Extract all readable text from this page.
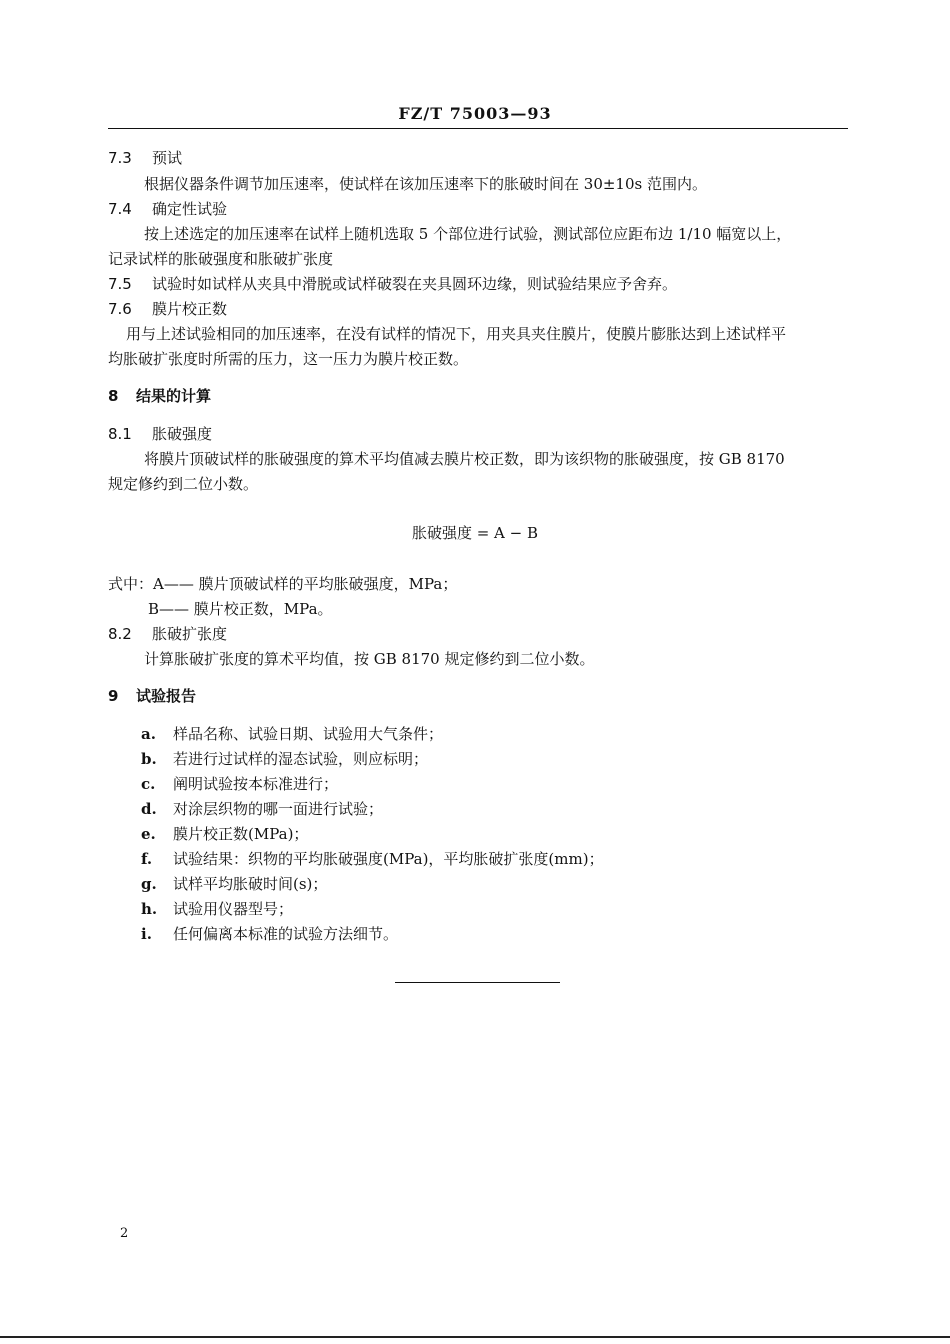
FZ/T 75003—93
7.3 预试
根据仪器条件调节加压速率，使试样在该加压速率下的胀破时间在 30±10s 范围内。
7.4 确定性试验
按上述选定的加压速率在试样上随机选取 5 个部位进行试验，测试部位应距布边 1/10 幅宽以上，
记录试样的胀破强度和胀破扩张度
7.5 试验时如试样从夹具中滑脱或试样破裂在夹具圆环边缘，则试验结果应予舍弃。
7.6 膜片校正数
用与上述试验相同的加压速率，在没有试样的情况下，用夹具夹住膜片，使膜片膨胀达到上述试样平
均胀破扩张度时所需的压力，这一压力为膜片校正数。
8 结果的计算
8.1 胀破强度
将膜片顶破试样的胀破强度的算术平均值减去膜片校正数，即为该织物的胀破强度，按 GB 8170
规定修约到二位小数。
胀破强度 = A − B
式中：A—— 膜片顶破试样的平均胀破强度，MPa；
B—— 膜片校正数，MPa。
8.2 胀破扩张度
计算胀破扩张度的算术平均值，按 GB 8170 规定修约到二位小数。
9 试验报告
a. 样品名称、试验日期、试验用大气条件；
b. 若进行过试样的湿态试验，则应标明；
c. 阐明试验按本标准进行；
d. 对涂层织物的哪一面进行试验；
e. 膜片校正数(MPa)；
f. 试验结果：织物的平均胀破强度(MPa)，平均胀破扩张度(mm)；
g. 试样平均胀破时间(s)；
h. 试验用仪器型号；
i. 任何偏离本标准的试验方法细节。
2
